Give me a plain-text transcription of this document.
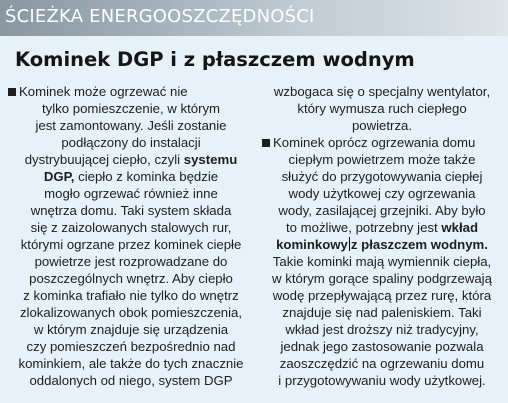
ŚCIEŻKA ENERGOOSZCZĘDNOŚCI
Kominek DGP i z płaszczem wodnym
Kominek może ogrzewać nie
tylko pomieszczenie, w którym
jest zamontowany. Jeśli zostanie
podłączony do instalacji
dystrybuującej ciepło, czyli systemu
DGP, ciepło z kominka będzie
mogło ogrzewać również inne
wnętrza domu. Taki system składa
się z zaizolowanych stalowych rur,
którymi ogrzane przez kominek ciepłe
powietrze jest rozprowadzane do
poszczególnych wnętrz. Aby ciepło
z kominka trafiało nie tylko do wnętrz
zlokalizowanych obok pomieszczenia,
w którym znajduje się urządzenia
czy pomieszczeń bezpośrednio nad
kominkiem, ale także do tych znacznie
oddalonych od niego, system DGP
wzbogaca się o specjalny wentylator,
który wymusza ruch ciepłego
powietrza.
Kominek oprócz ogrzewania domu
ciepłym powietrzem może także
służyć do przygotowywania ciepłej
wody użytkowej czy ogrzewania
wody, zasilającej grzejniki. Aby było
to możliwe, potrzebny jest wkład
kominkowy z płaszczem wodnym.
Takie kominki mają wymiennik ciepła,
w którym gorące spaliny podgrzewają
wodę przepływającą przez rurę, która
znajduje się nad paleniskiem. Taki
wkład jest droższy niż tradycyjny,
jednak jego zastosowanie pozwala
zaoszczędzić na ogrzewaniu domu
i przygotowywaniu wody użytkowej.
